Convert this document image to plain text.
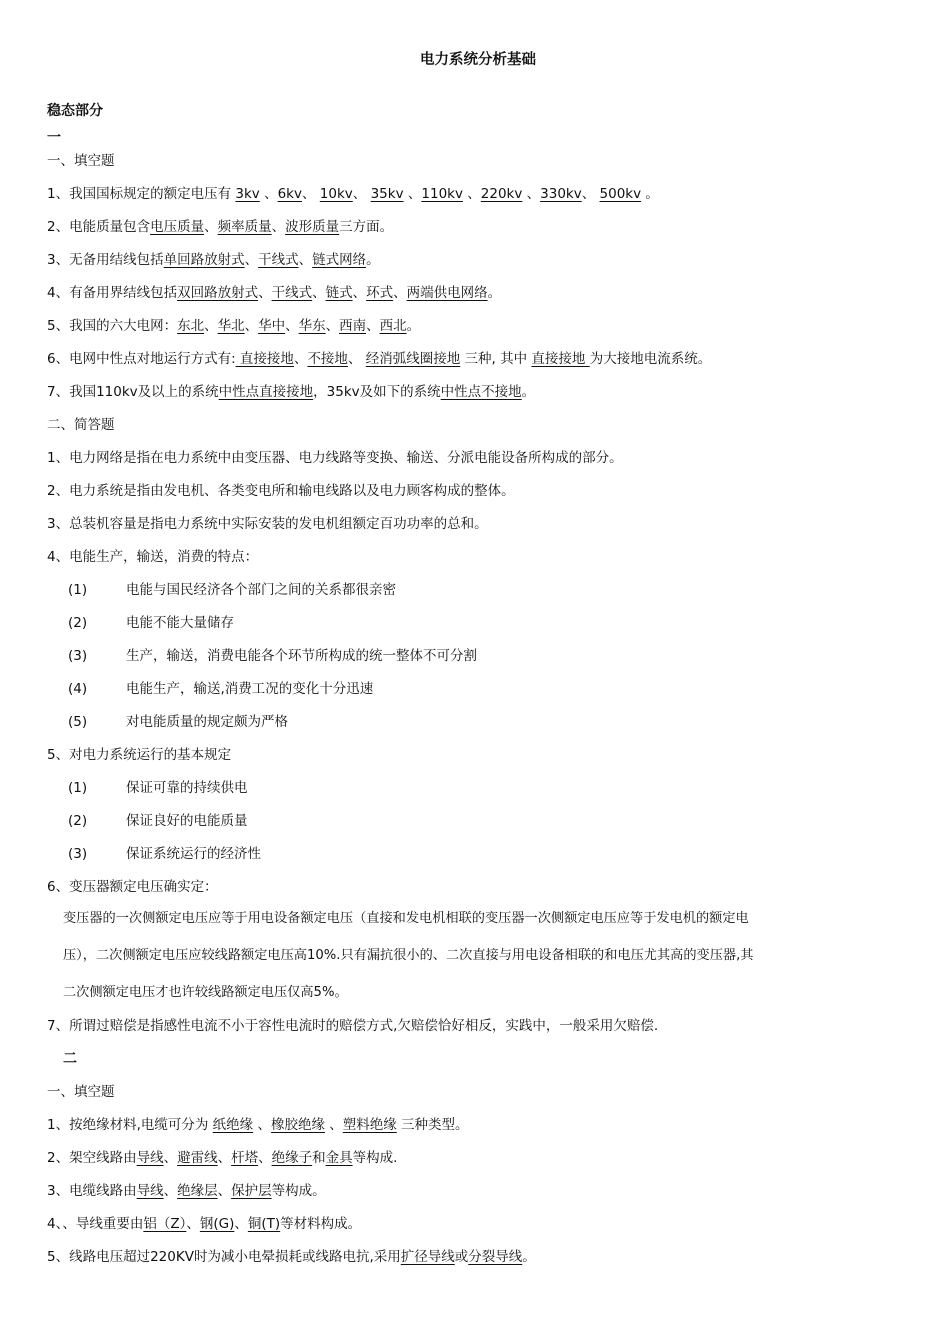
电力系统分析基础
稳态部分
一
一、填空题
1、我国国标规定的额定电压有 3kv 、6kv、 10kv、 35kv 、110kv 、220kv 、330kv、 500kv 。
2、电能质量包含电压质量、频率质量、波形质量三方面。
3、无备用结线包括单回路放射式、干线式、链式网络。
4、有备用界结线包括双回路放射式、干线式、链式、环式、两端供电网络。
5、我国的六大电网：东北、华北、华中、华东、西南、西北。
6、电网中性点对地运行方式有: 直接接地、不接地、 经消弧线圈接地 三种, 其中 直接接地 为大接地电流系统。
7、我国110kv及以上的系统中性点直接接地，35kv及如下的系统中性点不接地。
二、简答题
1、电力网络是指在电力系统中由变压器、电力线路等变换、输送、分派电能设备所构成的部分。
2、电力系统是指由发电机、各类变电所和输电线路以及电力顾客构成的整体。
3、总装机容量是指电力系统中实际安装的发电机组额定百功功率的总和。
4、电能生产，输送，消费的特点：
(1)	电能与国民经济各个部门之间的关系都很亲密
(2)	电能不能大量储存
(3)	生产，输送，消费电能各个环节所构成的统一整体不可分割
(4)	电能生产，输送,消费工况的变化十分迅速
(5)	对电能质量的规定颇为严格
5、对电力系统运行的基本规定
(1)	保证可靠的持续供电
(2)	保证良好的电能质量
(3)	保证系统运行的经济性
6、变压器额定电压确实定：
变压器的一次侧额定电压应等于用电设备额定电压（直接和发电机相联的变压器一次侧额定电压应等于发电机的额定电
压），二次侧额定电压应较线路额定电压高10%.只有漏抗很小的、二次直接与用电设备相联的和电压尤其高的变压器,其
二次侧额定电压才也许较线路额定电压仅高5%。
7、所谓过赔偿是指感性电流不小于容性电流时的赔偿方式,欠赔偿恰好相反，实践中，一般采用欠赔偿.
二
一、填空题
1、按绝缘材料,电缆可分为 纸绝缘 、橡胶绝缘 、塑料绝缘 三种类型。
2、架空线路由导线、避雷线、杆塔、绝缘子和金具等构成.
3、电缆线路由导线、绝缘层、保护层等构成。
4、、导线重要由铝（Z）、钢(G)、铜(T)等材料构成。
5、线路电压超过220KV时为减小电晕损耗或线路电抗,采用扩径导线或分裂导线。
